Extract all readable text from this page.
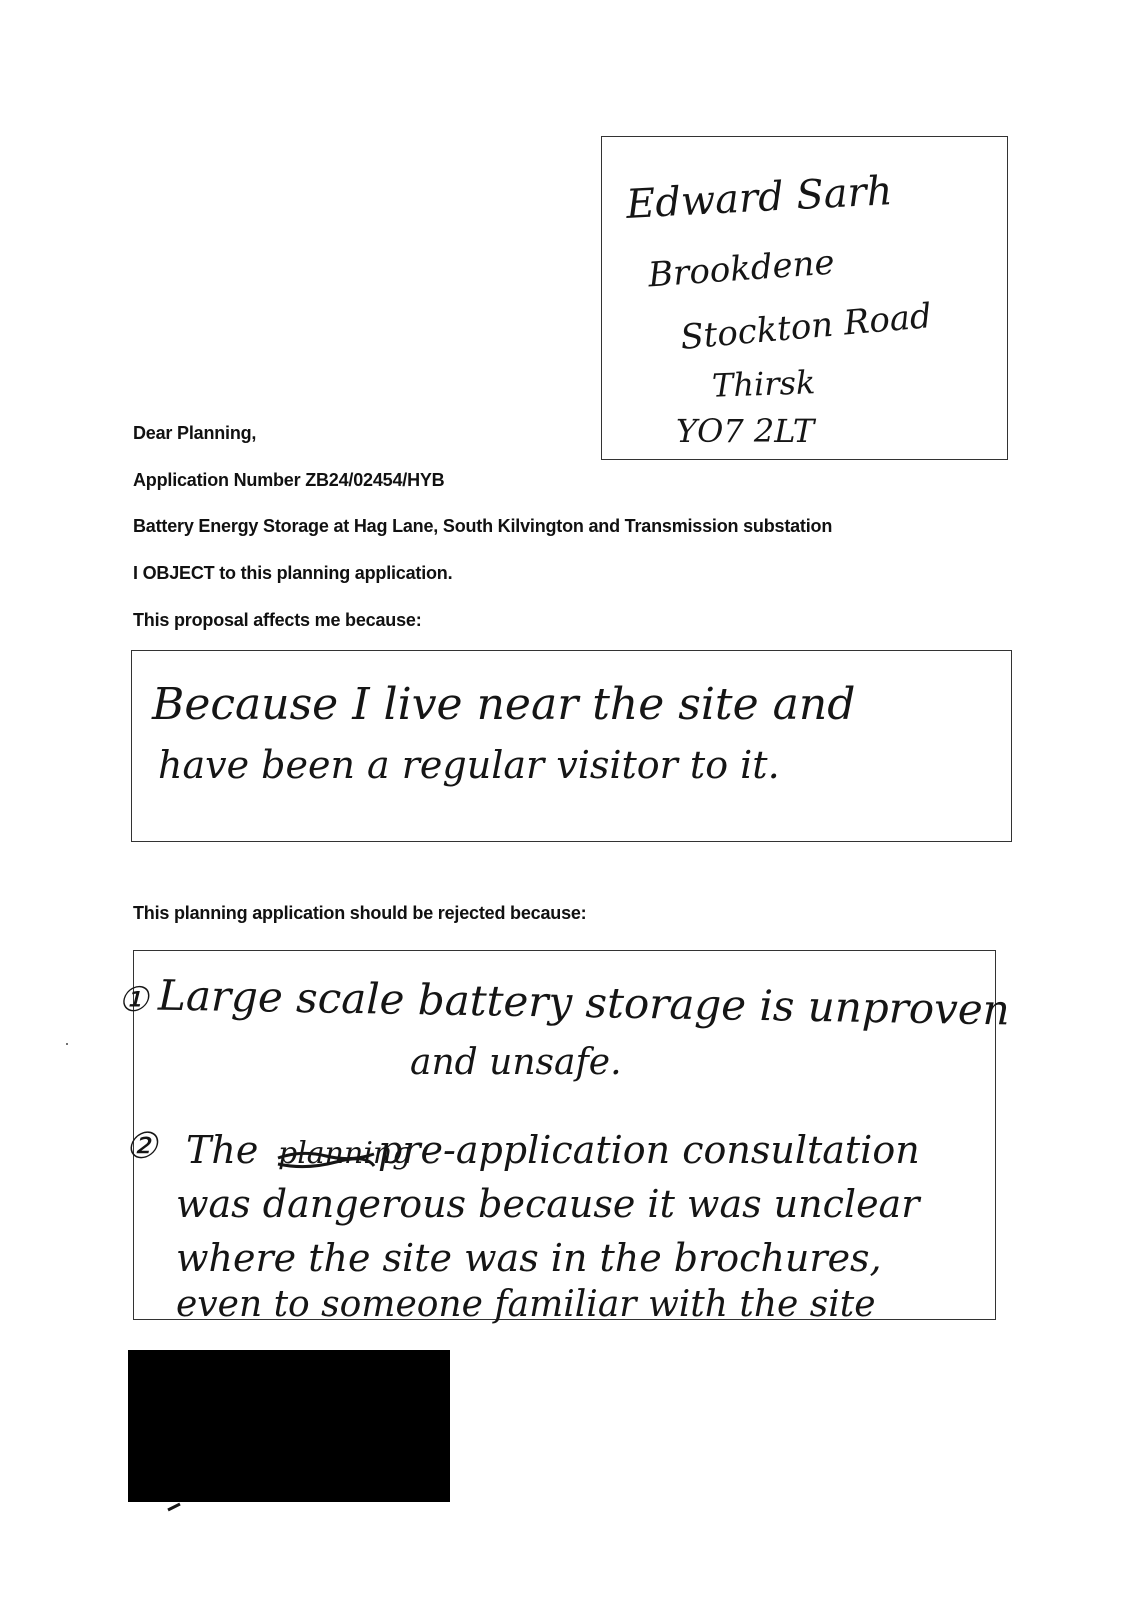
Edward Sarh
Brookdene
Stockton Road
Thirsk
YO7 2LT
Dear Planning,
Application Number ZB24/02454/HYB
Battery Energy Storage at Hag Lane, South Kilvington and Transmission substation
I OBJECT to this planning application.
This proposal affects me because:
Because I live near the site and
have been a regular visitor to it.
This planning application should be rejected because:
① Large scale battery storage is unproven
and unsafe.
② The planning
pre-application consultation
was dangerous because it was unclear
where the site was in the brochures,
even to someone familiar with the site
